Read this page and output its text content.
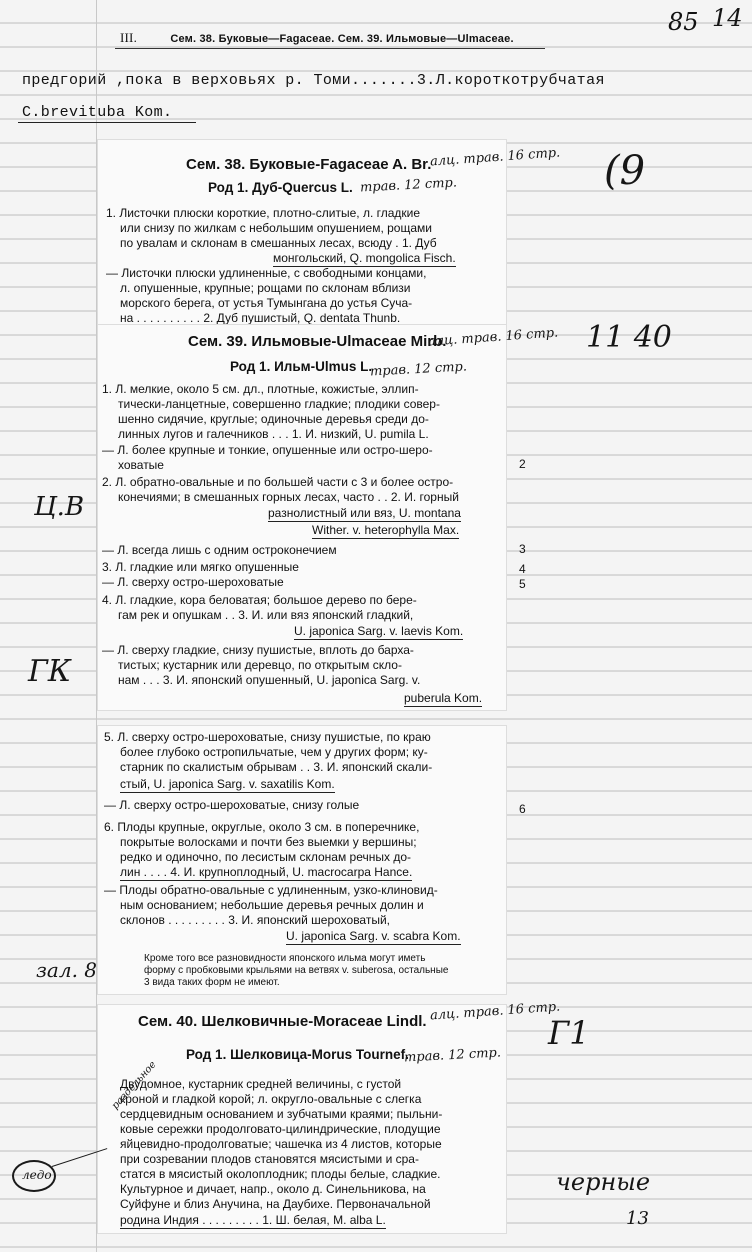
III.	Сем. 38. Буковые—Fagaceae. Сем. 39. Ильмовые—Ulmaceae.
85 14
предгорий ,пока в верховьях р. Томи.......3.Л.короткотрубчатая
C.brevituba Kom.
Сем. 38. Буковые-Fagaceae A. Br.
Род 1. Дуб-Quercus L.
1. Листочки плюски короткие, плотно-слитые, л. гладкие
или снизу по жилкам с небольшим опушением, рощами
по увалам и склонам в смешанных лесах, всюду . 1. Дуб
монгольский, Q. mongolica Fisch.
— Листочки плюски удлиненные, с свободными концами,
л. опушенные, крупные; рощами по склонам вблизи
морского берега, от устья Тумынгана до устья Суча-
на . . . . . . . . . . 2. Дуб пушистый, Q. dentata Thunb.
Сем. 39. Ильмовые-Ulmaceae Mirb.
Род 1. Ильм-Ulmus L.
1. Л. мелкие, около 5 см. дл., плотные, кожистые, эллип-
тически-ланцетные, совершенно гладкие; плодики совер-
шенно сидячие, круглые; одиночные деревья среди до-
линных лугов и галечников . . . 1. И. низкий, U. pumila L.
— Л. более крупные и тонкие, опушенные или остро-шеро-
ховатые
2. Л. обратно-овальные и по большей части с 3 и более остро-
конечиями; в смешанных горных лесах, часто . . 2. И. горный
разнолистный или вяз, U. montana
Wither. v. heterophylla Max.
— Л. всегда лишь с одним остроконечием
3. Л. гладкие или мягко опушенные
— Л. сверху остро-шероховатые
4. Л. гладкие, кора беловатая; большое дерево по бере-
гам рек и опушкам . . 3. И. или вяз японский гладкий,
U. japonica Sarg. v. laevis Kom.
— Л. сверху гладкие, снизу пушистые, вплоть до барха-
тистых; кустарник или деревцо, по открытым скло-
нам . . . 3. И. японский опушенный, U. japonica Sarg. v.
puberula Kom.
2
3
4
5
6
5. Л. сверху остро-шероховатые, снизу пушистые, по краю
более глубоко остропильчатые, чем у других форм; ку-
старник по скалистым обрывам . . 3. И. японский скали-
стый, U. japonica Sarg. v. saxatilis Kom.
— Л. сверху остро-шероховатые, снизу голые
6. Плоды крупные, округлые, около 3 см. в поперечнике,
покрытые волосками и почти без выемки у вершины;
редко и одиночно, по лесистым склонам речных до-
лин . . . . 4. И. крупноплодный, U. macrocarpa Hance.
— Плоды обратно-овальные с удлиненным, узко-клиновид-
ным основанием; небольшие деревья речных долин и
склонов . . . . . . . . . 3. И. японский шероховатый,
U. japonica Sarg. v. scabra Kom.
Кроме того все разновидности японского ильма могут иметь
форму с пробковыми крыльями на ветвях v. suberosa, остальные
3 вида таких форм не имеют.
Сем. 40. Шелковичные-Moraceae Lindl.
Род 1. Шелковица-Morus Tournef.
Двудомное, кустарник средней величины, с густой
кроной и гладкой корой; л. округло-овальные с слегка
сердцевидным основанием и зубчатыми краями; пыльни-
ковые сережки продолговато-цилиндрические, плодущие
яйцевидно-продолговатые; чашечка из 4 листов, которые
при созревании плодов становятся мясистыми и сра-
статся в мясистый околоплодник; плоды белые, сладкие.
Культурное и дичает, напр., около д. Синельникова, на
Суйфуне и близ Анучина, на Даубихе. Первоначальной
родина Индия . . . . . . . . . 1. Ш. белая, M. alba L.
алц. трав. 16 стр.
трав. 12 стр.
алц. трав. 16 стр.
трав. 12 стр.
алц. трав. 16 стр.
трав. 12 стр.
(9
11 40
Ц.В
ГК
Г1
зал. 8
раздельное
черные
13
ледо
